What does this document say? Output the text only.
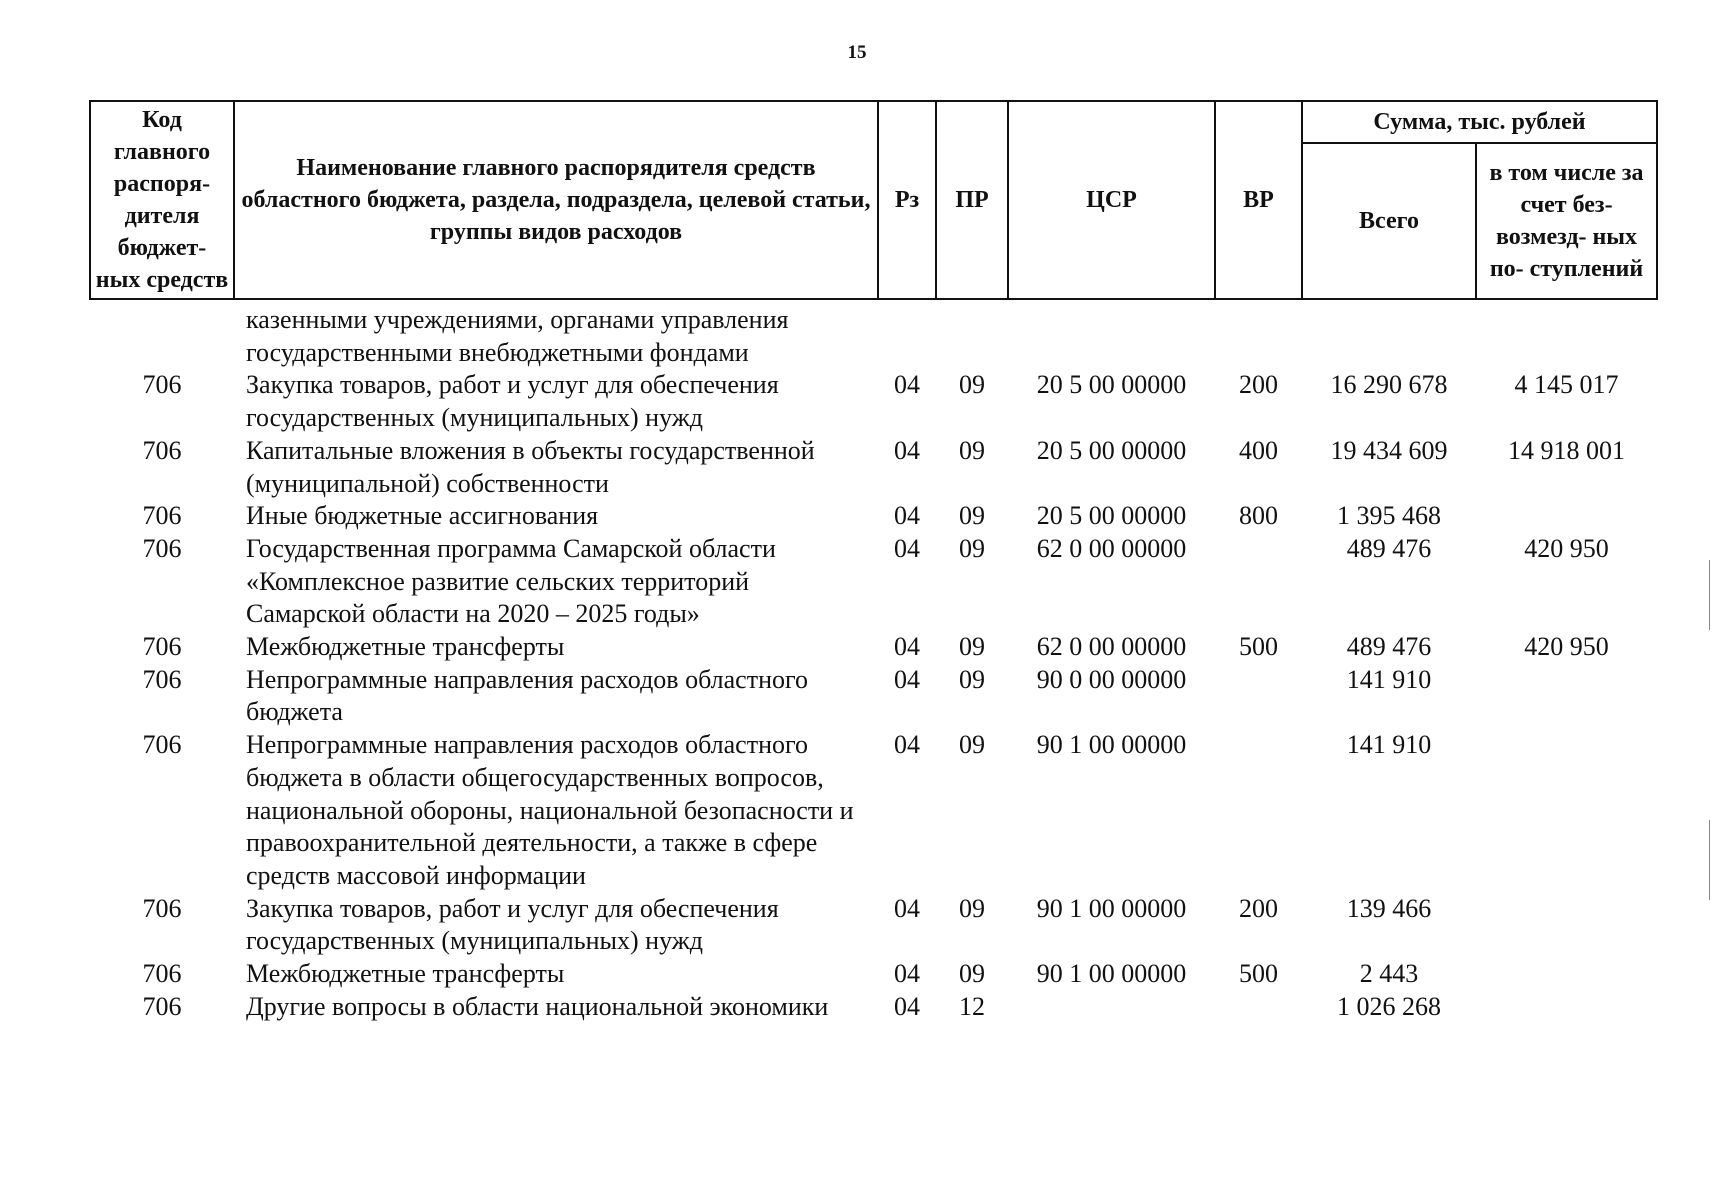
15
Код главного распоря- дителя бюджет- ных средств	Наименование главного распорядителя средств областного бюджета, раздела, подраздела, целевой статьи, группы видов расходов	Рз	ПР	ЦСР	ВР	Сумма, тыс. рублей	
						Всего	в том числе за счет без- возмезд- ных по- ступлений
	казенными учреждениями, органами управления государственными внебюджетными фондами						
706	Закупка товаров, работ и услуг для обеспечения государственных (муниципальных) нужд	04	09	20 5 00 00000	200	16 290 678	4 145 017
706	Капитальные вложения в объекты государственной (муниципальной) собственности	04	09	20 5 00 00000	400	19 434 609	14 918 001
706	Иные бюджетные ассигнования	04	09	20 5 00 00000	800	1 395 468	
706	Государственная программа Самарской области «Комплексное развитие сельских территорий Самарской области на 2020 – 2025 годы»	04	09	62 0 00 00000		489 476	420 950
706	Межбюджетные трансферты	04	09	62 0 00 00000	500	489 476	420 950
706	Непрограммные направления расходов областного бюджета	04	09	90 0 00 00000		141 910	
706	Непрограммные направления расходов областного бюджета в области общегосударственных вопросов, национальной обороны, национальной безопасности и правоохранительной деятельности, а также в сфере средств массовой информации	04	09	90 1 00 00000		141 910	
706	Закупка товаров, работ и услуг для обеспечения государственных (муниципальных) нужд	04	09	90 1 00 00000	200	139 466	
706	Межбюджетные трансферты	04	09	90 1 00 00000	500	2 443	
706	Другие вопросы в области национальной экономики	04	12			1 026 268	
